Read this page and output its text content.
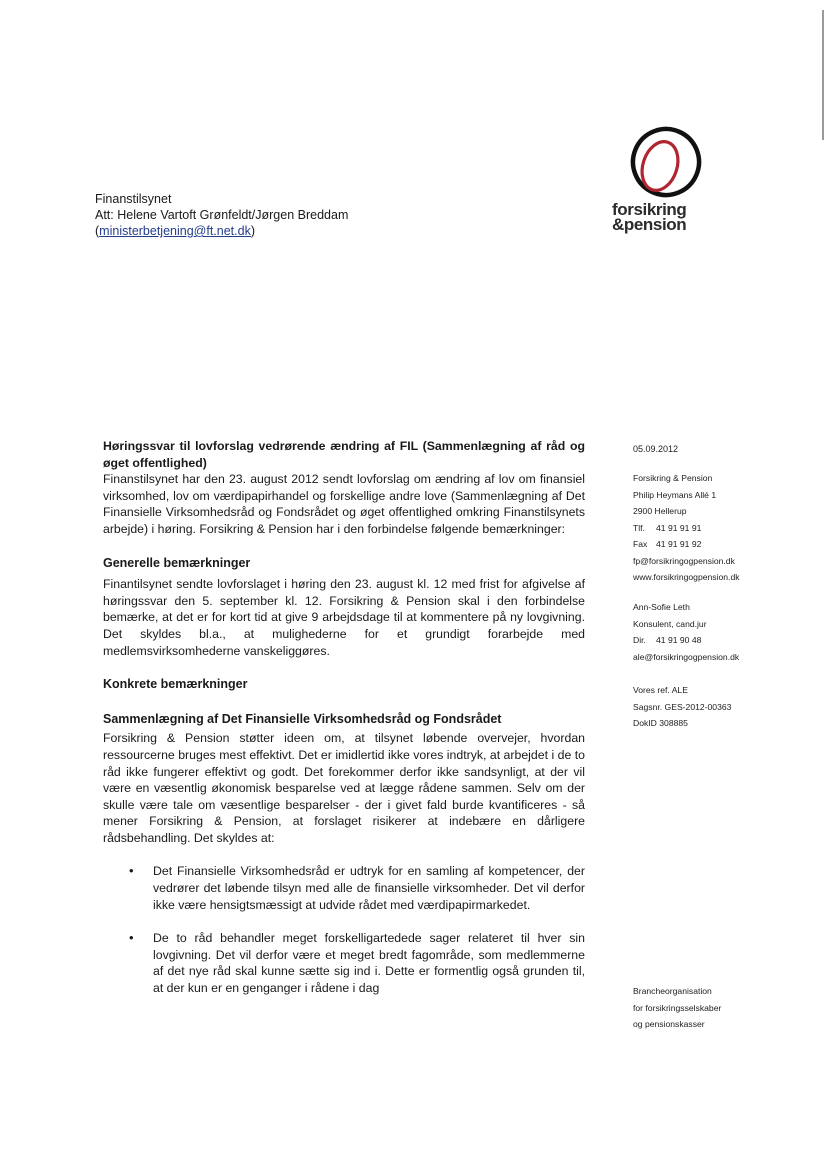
forsikring
&pension
Finanstilsynet
Att: Helene Vartoft Grønfeldt/Jørgen Breddam
(ministerbetjening@ft.net.dk)

Høringssvar til lovforslag vedrørende ændring af FIL (Sammenlægning af råd og øget offentlighed)

Finanstilsynet har den 23. august 2012 sendt lovforslag om ændring af lov om finansiel virksomhed, lov om værdipapirhandel og forskellige andre love (Sammenlægning af Det Finansielle Virksomhedsråd og Fondsrådet og øget offentlighed omkring Finanstilsynets arbejde) i høring. Forsikring & Pension har i den forbindelse følgende bemærkninger:

Generelle bemærkninger

Finantilsynet sendte lovforslaget i høring den 23. august kl. 12 med frist for afgivelse af høringssvar den 5. september kl. 12. Forsikring & Pension skal i den forbindelse bemærke, at det er for kort tid at give 9 arbejdsdage til at kommentere på ny lovgivning. Det skyldes bl.a., at mulighederne for et grundigt forarbejde med medlemsvirksomhederne vanskeliggøres.

Konkrete bemærkninger
Sammenlægning af Det Finansielle Virksomhedsråd og Fondsrådet

Forsikring & Pension støtter ideen om, at tilsynet løbende overvejer, hvordan ressourcerne bruges mest effektivt. Det er imidlertid ikke vores indtryk, at arbejdet i de to råd ikke fungerer effektivt og godt. Det forekommer derfor ikke sandsynligt, at der vil være en væsentlig økonomisk besparelse ved at lægge rådene sammen. Selv om der skulle være tale om væsentlige besparelser - der i givet fald burde kvantificeres - så mener Forsikring & Pension, at forslaget risikerer at indebære en dårligere rådsbehandling. Det skyldes at:

• Det Finansielle Virksomhedsråd er udtryk for en samling af kompetencer, der vedrører det løbende tilsyn med alle de finansielle virksomheder. Det vil derfor ikke være hensigtsmæssigt at udvide rådet med værdipapirmarkedet.
• De to råd behandler meget forskelligartedede sager relateret til hver sin lovgivning. Det vil derfor være et meget bredt fagområde, som medlemmerne af det nye råd skal kunne sætte sig ind i. Dette er formentlig også grunden til, at der kun er en genganger i rådene i dag
05.09.2012
Forsikring & Pension
Philip Heymans Allé 1
2900 Hellerup
Tlf.	41 91 91 91
Fax	41 91 91 92
fp@forsikringogpension.dk
www.forsikringogpension.dk
Ann-Sofie Leth
Konsulent, cand.jur
Dir.	41 91 90 48
ale@forsikringogpension.dk
Vores ref. ALE
Sagsnr. GES-2012-00363
DokID 308885
Brancheorganisation
for forsikringsselskaber
og pensionskasser
